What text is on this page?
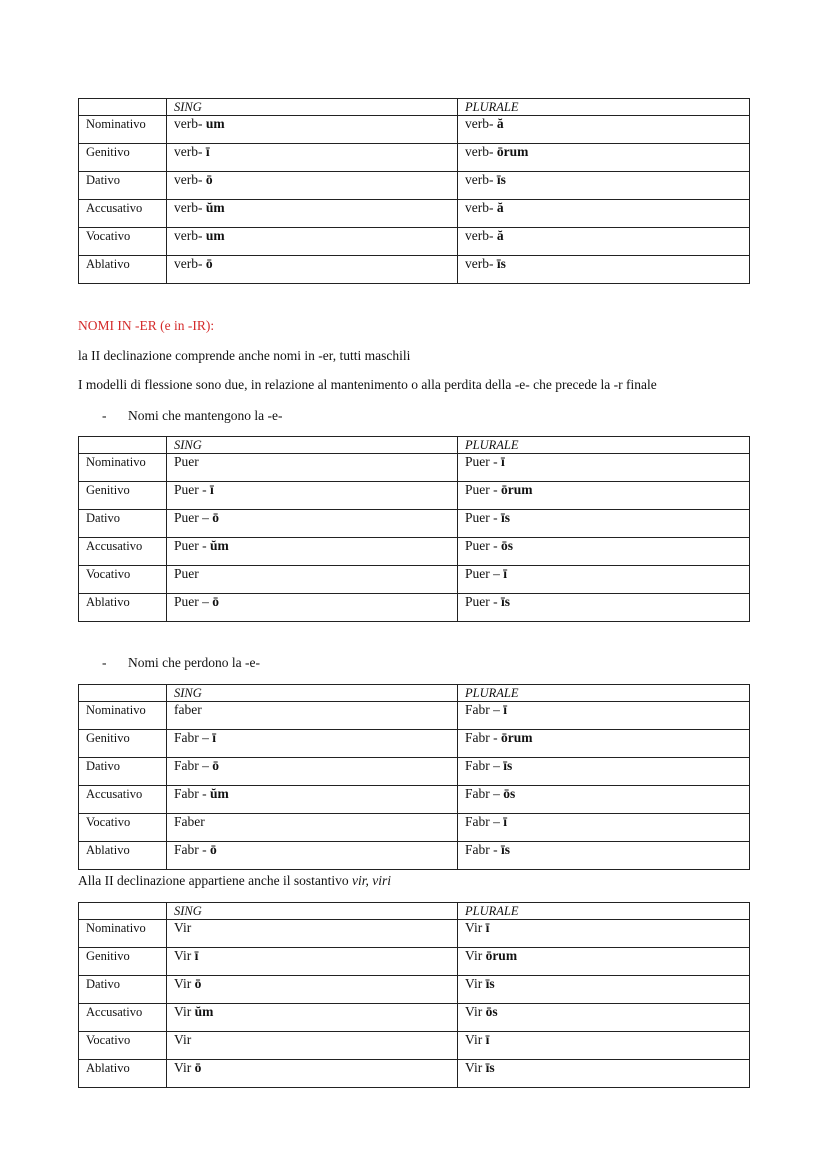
	SING	PLURALE
Nominativo	verb- um	verb- ă
Genitivo	verb- ī	verb- ōrum
Dativo	verb- ō	verb- īs
Accusativo	verb- ŭm	verb- ă
Vocativo	verb- um	verb- ă
Ablativo	verb- ō	verb- īs
NOMI IN -ER (e in -IR):
la II declinazione comprende anche nomi in -er, tutti maschili
I modelli di flessione sono due, in relazione al mantenimento o alla perdita della -e- che precede la -r finale
- Nomi che mantengono la -e-
	SING	PLURALE
Nominativo	Puer	Puer - ī
Genitivo	Puer - ī	Puer - ōrum
Dativo	Puer – ō	Puer - īs
Accusativo	Puer - ŭm	Puer - ōs
Vocativo	Puer	Puer – ī
Ablativo	Puer – ō	Puer - īs
- Nomi che perdono la -e-
	SING	PLURALE
Nominativo	faber	Fabr – ī
Genitivo	Fabr – ī	Fabr - ōrum
Dativo	Fabr – ō	Fabr – īs
Accusativo	Fabr - ŭm	Fabr – ōs
Vocativo	Faber	Fabr – ī
Ablativo	Fabr - ō	Fabr - īs
Alla II declinazione appartiene anche il sostantivo vir, viri
	SING	PLURALE
Nominativo	Vir	Vir ī
Genitivo	Vir ī	Vir ōrum
Dativo	Vir ō	Vir īs
Accusativo	Vir ŭm	Vir ōs
Vocativo	Vir	Vir ī
Ablativo	Vir ō	Vir īs
